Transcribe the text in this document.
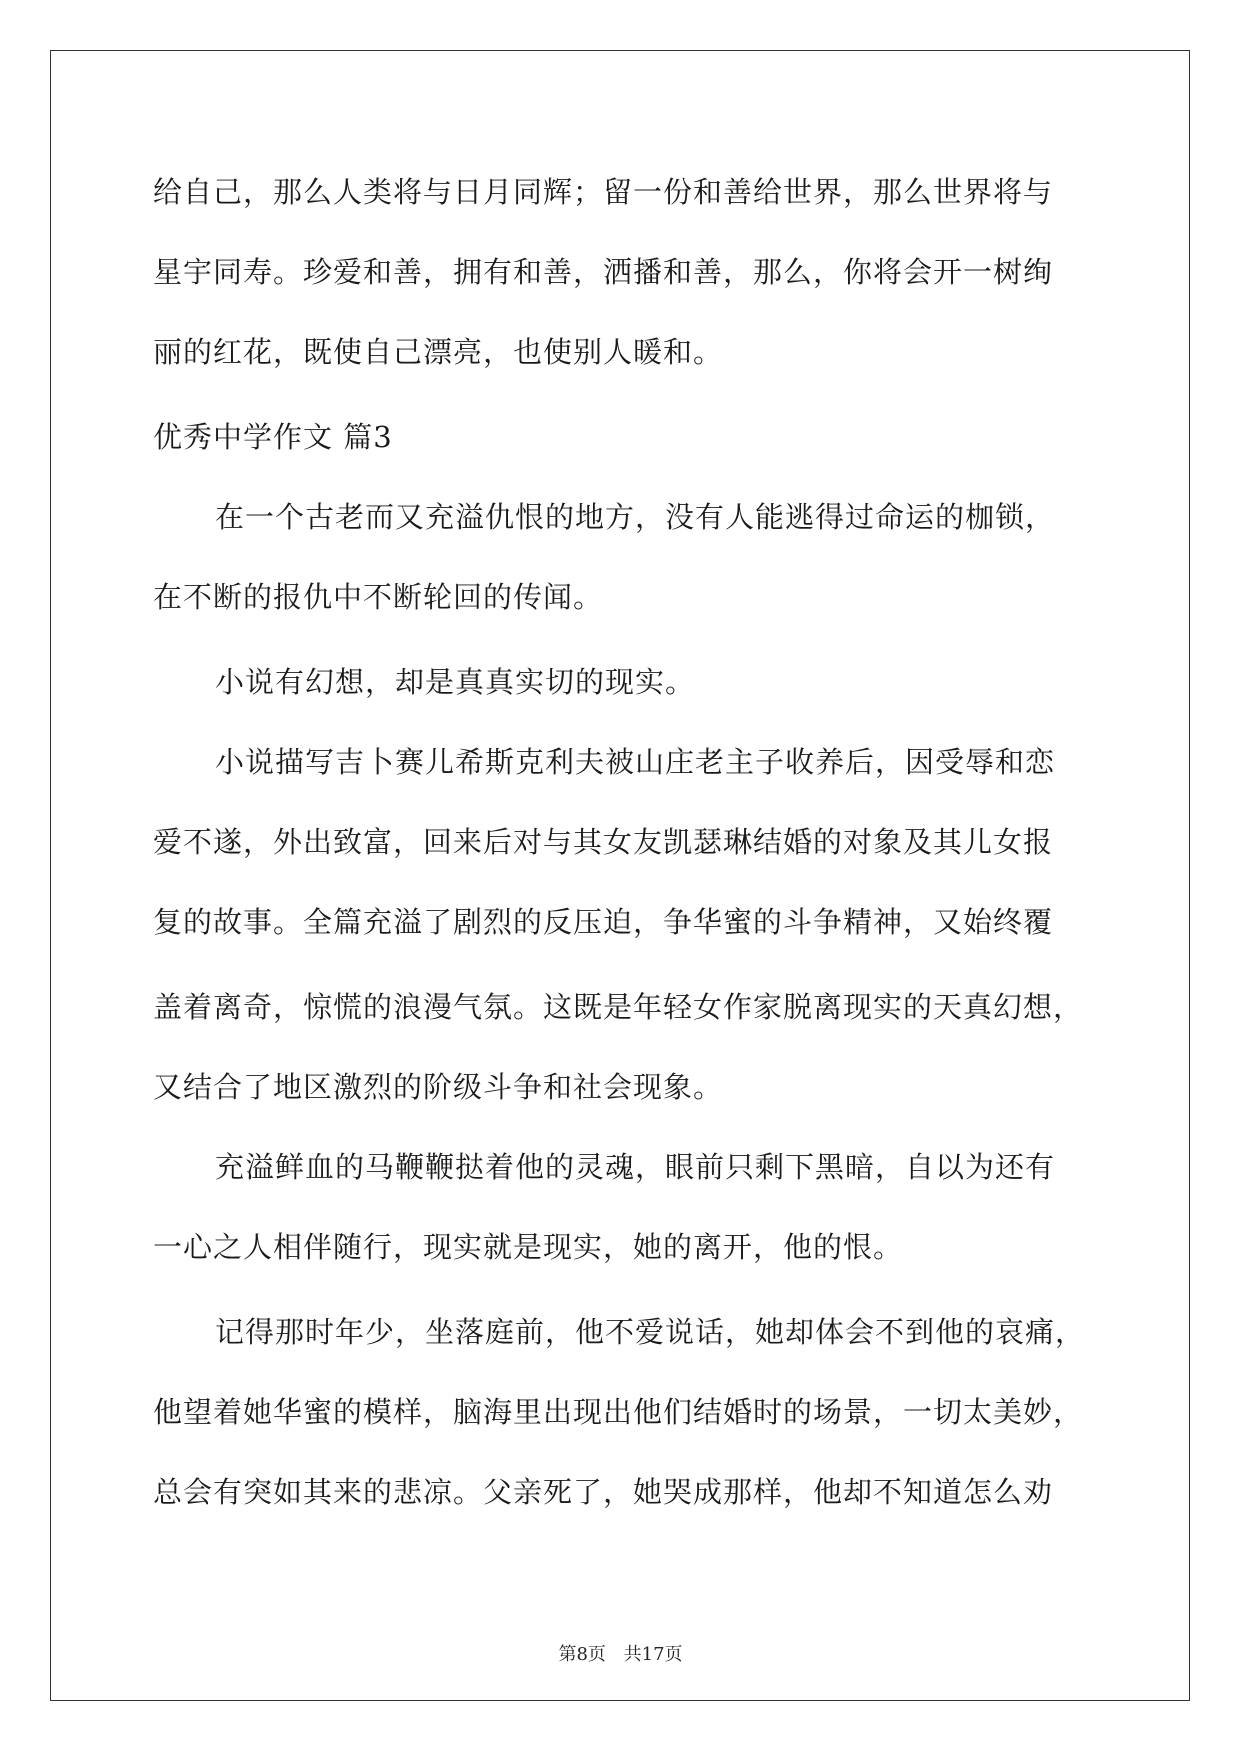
给自己，那么人类将与日月同辉；留一份和善给世界，那么世界将与
星宇同寿。珍爱和善，拥有和善，洒播和善，那么，你将会开一树绚
丽的红花，既使自己漂亮，也使别人暖和。
优秀中学作文 篇3
在一个古老而又充溢仇恨的地方，没有人能逃得过命运的枷锁，
在不断的报仇中不断轮回的传闻。
小说有幻想，却是真真实切的现实。
小说描写吉卜赛儿希斯克利夫被山庄老主子收养后，因受辱和恋
爱不遂，外出致富，回来后对与其女友凯瑟琳结婚的对象及其儿女报
复的故事。全篇充溢了剧烈的反压迫，争华蜜的斗争精神，又始终覆
盖着离奇，惊慌的浪漫气氛。这既是年轻女作家脱离现实的天真幻想，
又结合了地区激烈的阶级斗争和社会现象。
充溢鲜血的马鞭鞭挞着他的灵魂，眼前只剩下黑暗，自以为还有
一心之人相伴随行，现实就是现实，她的离开，他的恨。
记得那时年少，坐落庭前，他不爱说话，她却体会不到他的哀痛，
他望着她华蜜的模样，脑海里出现出他们结婚时的场景，一切太美妙，
总会有突如其来的悲凉。父亲死了，她哭成那样，他却不知道怎么劝
第8页 共17页
